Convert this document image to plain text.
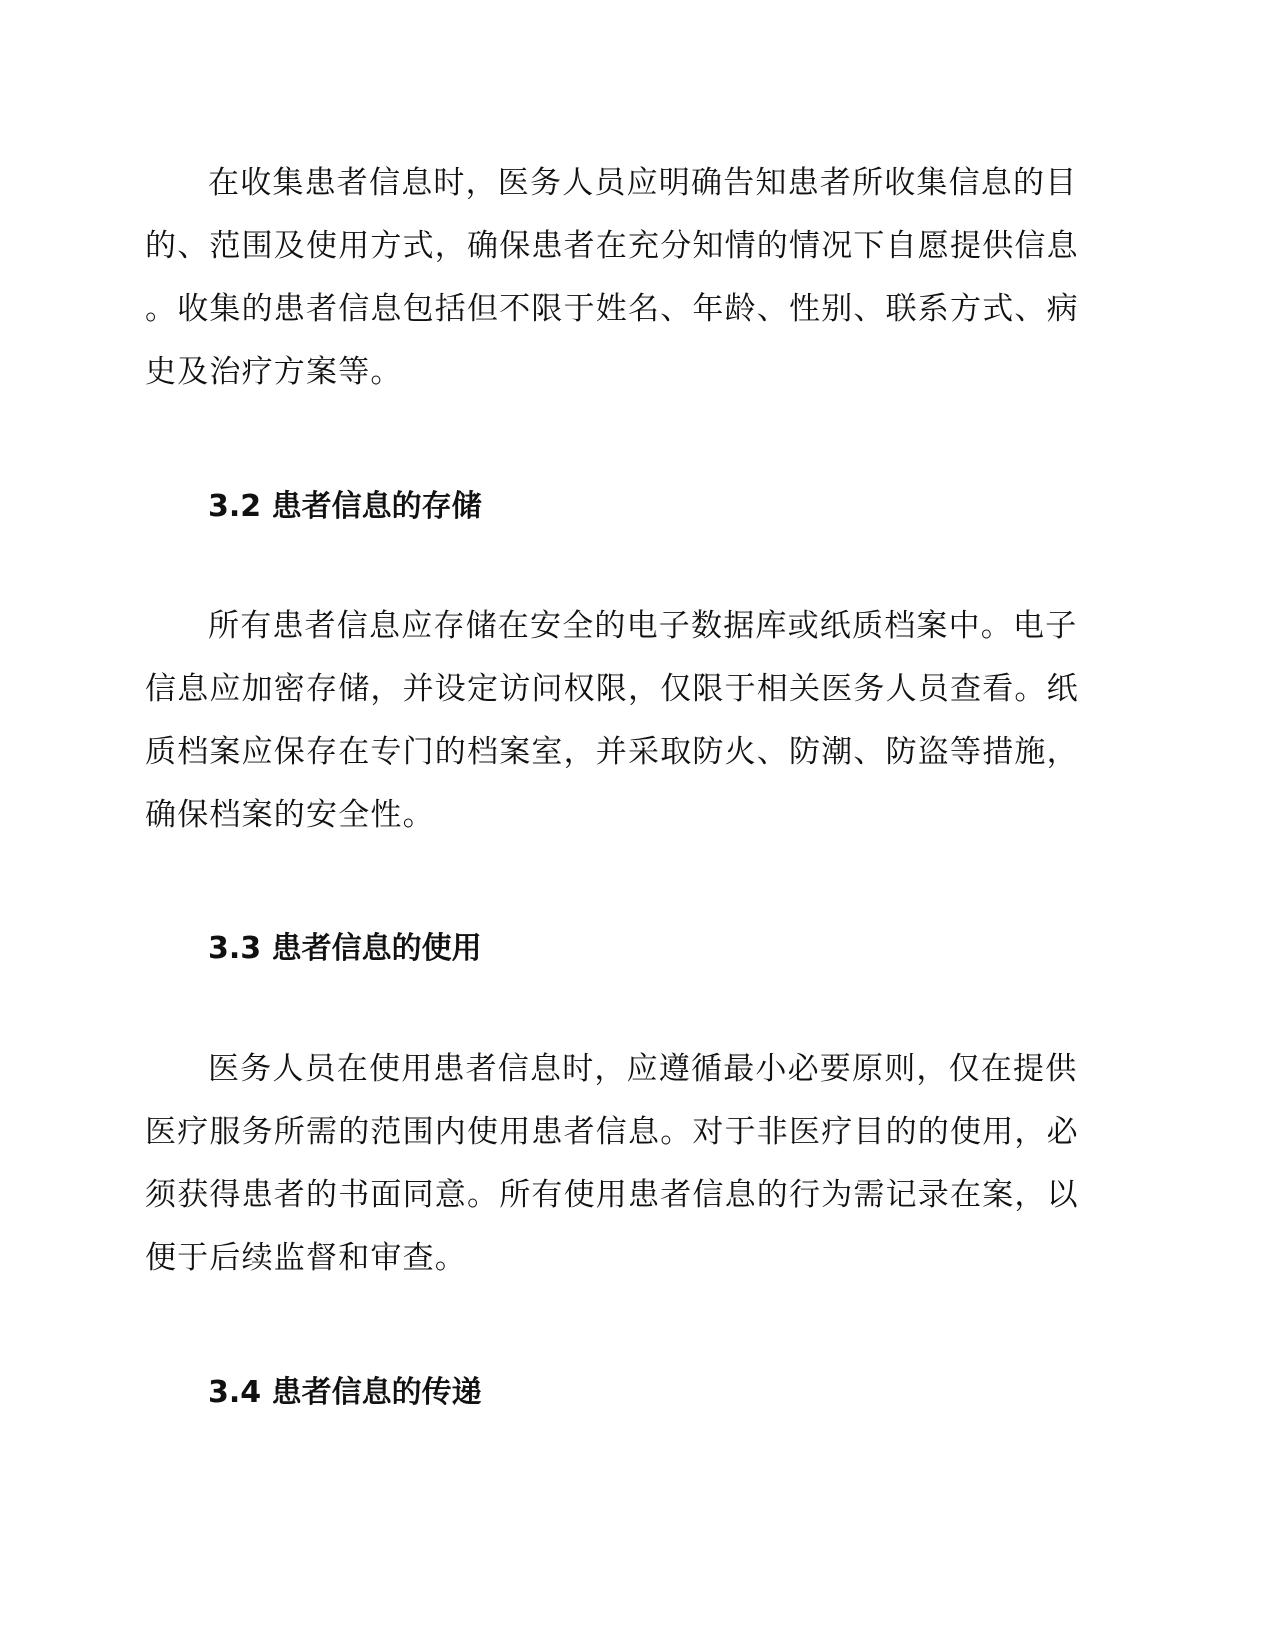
在收集患者信息时，医务人员应明确告知患者所收集信息的目
的、范围及使用方式，确保患者在充分知情的情况下自愿提供信息
。收集的患者信息包括但不限于姓名、年龄、性别、联系方式、病
史及治疗方案等。
3.2 患者信息的存储
所有患者信息应存储在安全的电子数据库或纸质档案中。电子
信息应加密存储，并设定访问权限，仅限于相关医务人员查看。纸
质档案应保存在专门的档案室，并采取防火、防潮、防盗等措施，
确保档案的安全性。
3.3 患者信息的使用
医务人员在使用患者信息时，应遵循最小必要原则，仅在提供
医疗服务所需的范围内使用患者信息。对于非医疗目的的使用，必
须获得患者的书面同意。所有使用患者信息的行为需记录在案，以
便于后续监督和审查。
3.4 患者信息的传递
